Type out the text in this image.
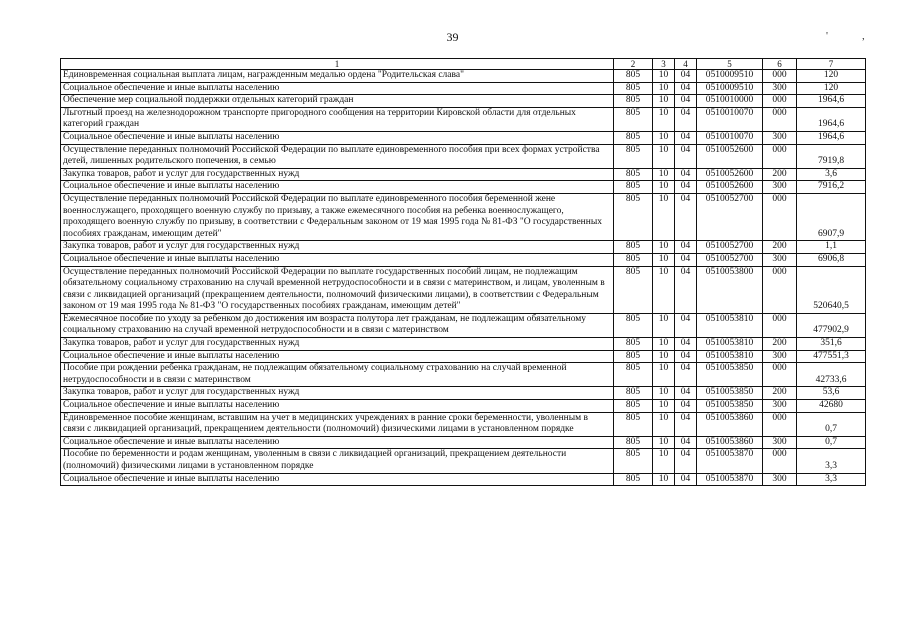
39	'	,
1	2	3	4	5	6	7
Единовременная социальная выплата лицам, награжденным медалью ордена "Родительская слава"	805	10	04	0510009510	000	120
Социальное обеспечение и иные выплаты населению	805	10	04	0510009510	300	120
Обеспечение мер социальной поддержки отдельных категорий граждан	805	10	04	0510010000	000	1964,6
Льготный проезд на железнодорожном транспорте пригородного сообщения на территории Кировской области для отдельных категорий граждан	805	10	04	0510010070	000	1964,6
Социальное обеспечение и иные выплаты населению	805	10	04	0510010070	300	1964,6
Осуществление переданных полномочий Российской Федерации по выплате единовременного пособия при всех формах устройства детей, лишенных родительского попечения, в семью	805	10	04	0510052600	000	7919,8
Закупка товаров, работ и услуг для государственных нужд	805	10	04	0510052600	200	3,6
Социальное обеспечение и иные выплаты населению	805	10	04	0510052600	300	7916,2
Осуществление переданных полномочий Российской Федерации по выплате единовременного пособия беременной жене военнослужащего, проходящего военную службу по призыву, а также ежемесячного пособия на ребенка военнослужащего, проходящего военную службу по призыву, в соответствии с Федеральным законом от 19 мая 1995 года № 81-ФЗ "О государственных пособиях гражданам, имеющим детей"	805	10	04	0510052700	000	6907,9
Закупка товаров, работ и услуг для государственных нужд	805	10	04	0510052700	200	1,1
Социальное обеспечение и иные выплаты населению	805	10	04	0510052700	300	6906,8
Осуществление переданных полномочий Российской Федерации по выплате государственных пособий лицам, не подлежащим обязательному социальному страхованию на случай временной нетрудоспособности и в связи с материнством, и лицам, уволенным в связи с ликвидацией организаций (прекращением деятельности, полномочий физическими лицами), в соответствии с Федеральным законом от 19 мая 1995 года № 81-ФЗ "О государственных пособиях гражданам, имеющим детей"	805	10	04	0510053800	000	520640,5
Ежемесячное пособие по уходу за ребенком до достижения им возраста полутора лет гражданам, не подлежащим обязательному социальному страхованию на случай временной нетрудоспособности и в связи с материнством	805	10	04	0510053810	000	477902,9
Закупка товаров, работ и услуг для государственных нужд	805	10	04	0510053810	200	351,6
Социальное обеспечение и иные выплаты населению	805	10	04	0510053810	300	477551,3
Пособие при рождении ребенка гражданам, не подлежащим обязательному социальному страхованию на случай временной нетрудоспособности и в связи с материнством	805	10	04	0510053850	000	42733,6
Закупка товаров, работ и услуг для государственных нужд	805	10	04	0510053850	200	53,6
Социальное обеспечение и иные выплаты населению	805	10	04	0510053850	300	42680
Единовременное пособие женщинам, вставшим на учет в медицинских учреждениях в ранние сроки беременности, уволенным в связи с ликвидацией организаций, прекращением деятельности (полномочий) физическими лицами в установленном порядке	805	10	04	0510053860	000	0,7
Социальное обеспечение и иные выплаты населению	805	10	04	0510053860	300	0,7
Пособие по беременности и родам женщинам, уволенным в связи с ликвидацией организаций, прекращением деятельности (полномочий) физическими лицами в установленном порядке	805	10	04	0510053870	000	3,3
Социальное обеспечение и иные выплаты населению	805	10	04	0510053870	300	3,3
